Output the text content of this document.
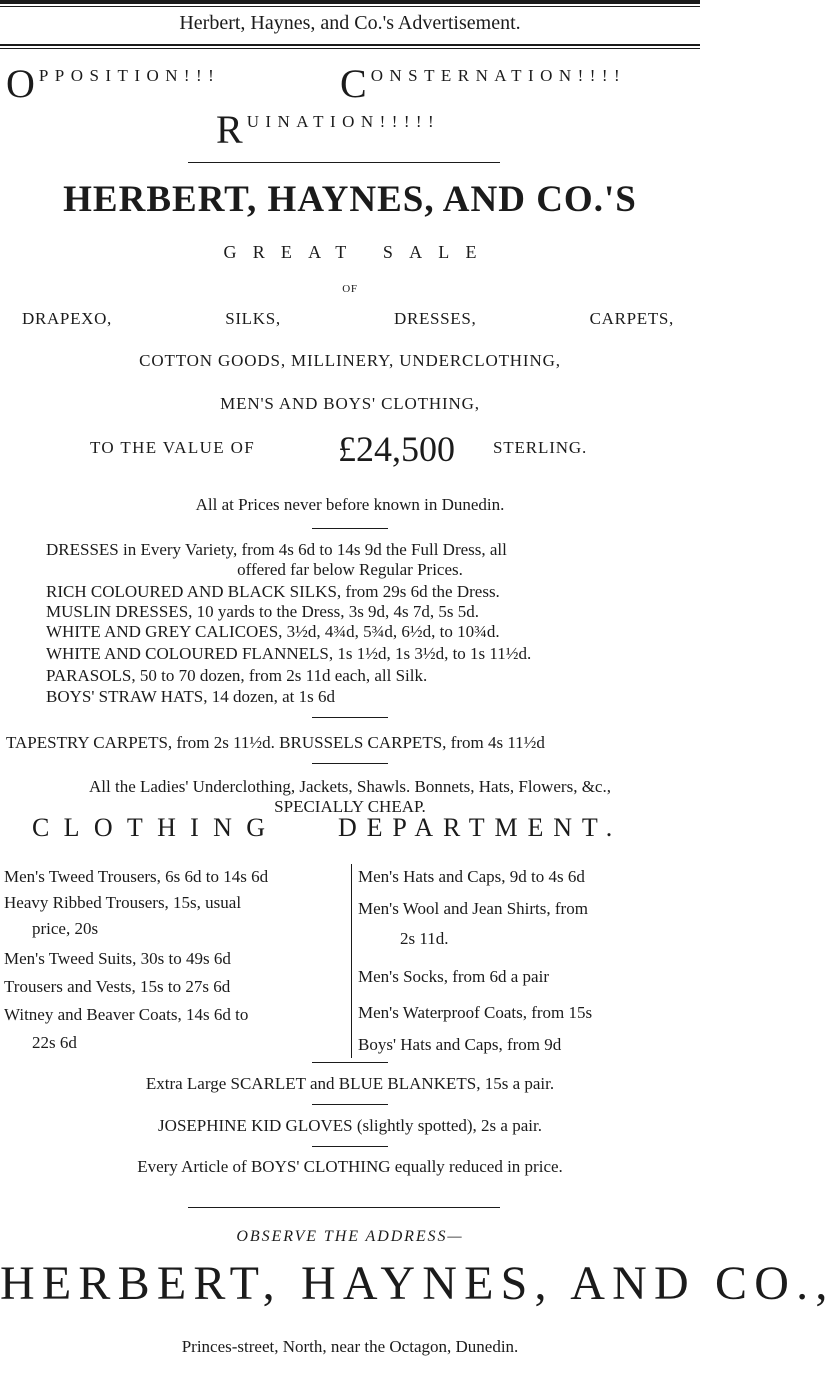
Herbert, Haynes, and Co.'s Advertisement.
OPPOSITION!!!	CONSTERNATION!!!!
RUINATION!!!!!
HERBERT, HAYNES, AND CO.'S
GREAT SALE
OF
DRAPEXO,	SILKS,	DRESSES,	CARPETS,
COTTON GOODS, MILLINERY, UNDERCLOTHING,
MEN'S AND BOYS' CLOTHING,
TO THE VALUE OF £24,500 STERLING.
All at Prices never before known in Dunedin.
DRESSES in Every Variety, from 4s 6d to 14s 9d the Full Dress, all
offered far below Regular Prices.
RICH COLOURED AND BLACK SILKS, from 29s 6d the Dress.
MUSLIN DRESSES, 10 yards to the Dress, 3s 9d, 4s 7d, 5s 5d.
WHITE AND GREY CALICOES, 3½d, 4¾d, 5¾d, 6½d, to 10¾d.
WHITE AND COLOURED FLANNELS, 1s 1½d, 1s 3½d, to 1s 11½d.
PARASOLS, 50 to 70 dozen, from 2s 11d each, all Silk.
BOYS' STRAW HATS, 14 dozen, at 1s 6d
TAPESTRY CARPETS, from 2s 11½d. BRUSSELS CARPETS, from 4s 11½d
All the Ladies' Underclothing, Jackets, Shawls. Bonnets, Hats, Flowers, &c.,
SPECIALLY CHEAP.
CLOTHING DEPARTMENT.
Men's Tweed Trousers, 6s 6d to 14s 6d
Heavy Ribbed Trousers, 15s, usual
price, 20s
Men's Tweed Suits, 30s to 49s 6d
Trousers and Vests, 15s to 27s 6d
Witney and Beaver Coats, 14s 6d to
22s 6d
Men's Hats and Caps, 9d to 4s 6d
Men's Wool and Jean Shirts, from
2s 11d.
Men's Socks, from 6d a pair
Men's Waterproof Coats, from 15s
Boys' Hats and Caps, from 9d
Extra Large SCARLET and BLUE BLANKETS, 15s a pair.
JOSEPHINE KID GLOVES (slightly spotted), 2s a pair.
Every Article of BOYS' CLOTHING equally reduced in price.
OBSERVE THE ADDRESS—
HERBERT, HAYNES, AND CO.,
Princes-street, North, near the Octagon, Dunedin.
